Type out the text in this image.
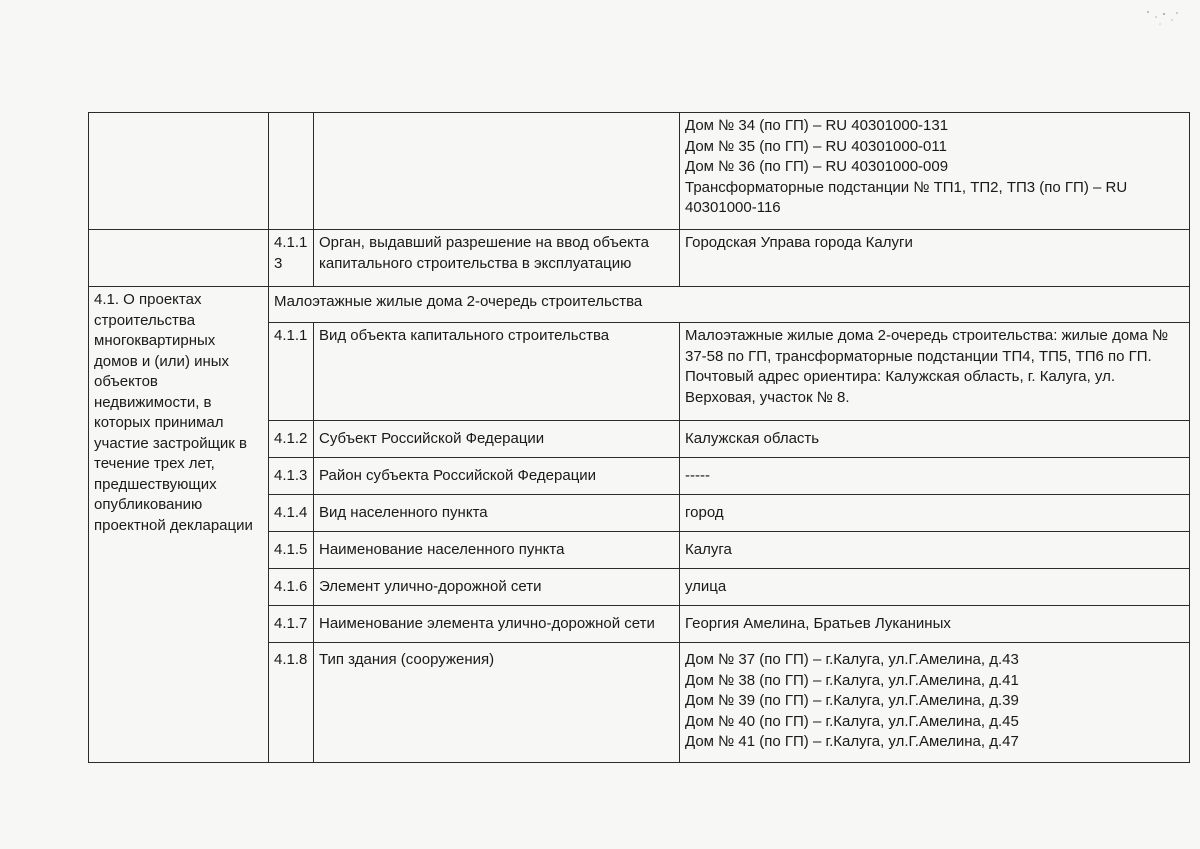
			Дом № 34 (по ГП) – RU 40301000-131
Дом № 35 (по ГП) – RU 40301000-011
Дом № 36 (по ГП) – RU 40301000-009
Трансформаторные подстанции № ТП1, ТП2, ТП3 (по ГП) – RU
40301000-116

	4.1.13	Орган, выдавший разрешение на ввод объекта капитального строительства в эксплуатацию	Городская Управа города Калуги
4.1. О проектах строительства многоквартирных домов и (или) иных объектов недвижимости, в которых принимал участие застройщик в течение трех лет, предшествующих опубликованию проектной декларации	Малоэтажные жилые дома 2-очередь строительства		
	4.1.1	Вид объекта капитального строительства	Малоэтажные жилые дома 2-очередь строительства: жилые дома № 37-58 по ГП, трансформаторные подстанции ТП4, ТП5, ТП6 по ГП. Почтовый адрес ориентира: Калужская область, г. Калуга, ул. Верховая, участок № 8.
	4.1.2	Субъект Российской Федерации	Калужская область
	4.1.3	Район субъекта Российской Федерации	-----
	4.1.4	Вид населенного пункта	город
	4.1.5	Наименование населенного пункта	Калуга
	4.1.6	Элемент улично-дорожной сети	улица
	4.1.7	Наименование элемента улично-дорожной сети	Георгия Амелина, Братьев Луканиных
	4.1.8	Тип здания (сооружения)	Дом № 37 (по ГП) – г.Калуга, ул.Г.Амелина, д.43
Дом № 38 (по ГП) – г.Калуга, ул.Г.Амелина, д.41
Дом № 39 (по ГП) – г.Калуга, ул.Г.Амелина, д.39
Дом № 40 (по ГП) – г.Калуга, ул.Г.Амелина, д.45
Дом № 41 (по ГП) – г.Калуга, ул.Г.Амелина, д.47
